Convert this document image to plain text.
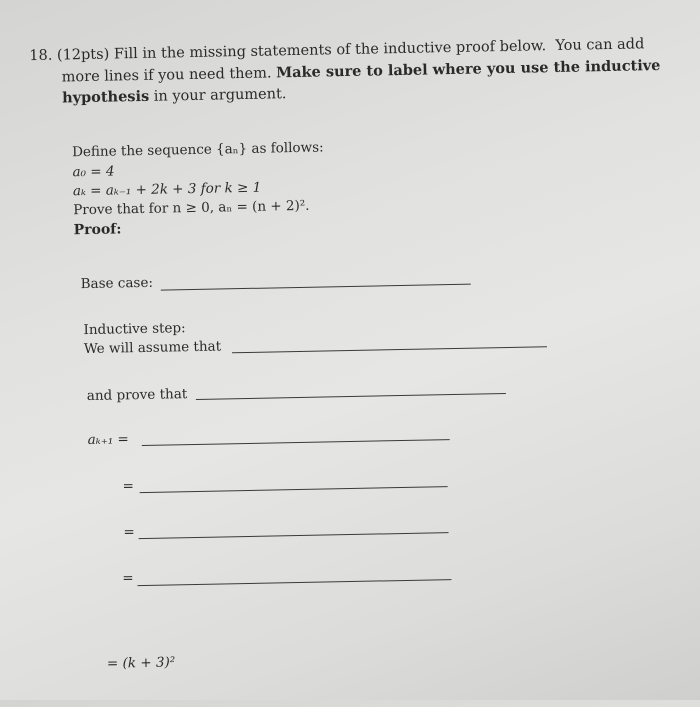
18. (12pts) Fill in the missing statements of the inductive proof below. You can add
more lines if you need them. Make sure to label where you use the inductive
hypothesis in your argument.
Define the sequence {aₙ} as follows:
a₀ = 4
aₖ = aₖ₋₁ + 2k + 3 for k ≥ 1
Prove that for n ≥ 0, aₙ = (n + 2)².
Proof:
Base case:
Inductive step:
We will assume that
and prove that
aₖ₊₁ =
=
=
=
= (k + 3)²
